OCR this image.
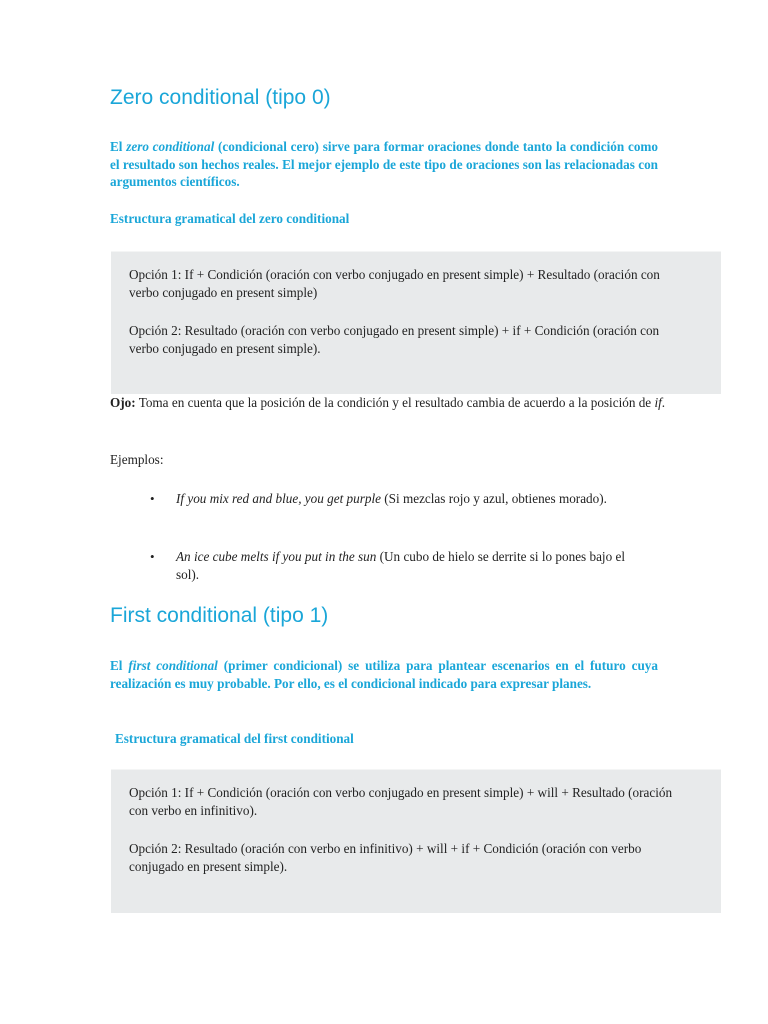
Zero conditional (tipo 0)

El zero conditional (condicional cero) sirve para formar oraciones donde tanto la condición como el resultado son hechos reales. El mejor ejemplo de este tipo de oraciones son las relacionadas con argumentos científicos.

Estructura gramatical del zero conditional

Opción 1: If + Condición (oración con verbo conjugado en present simple) + Resultado (oración con verbo conjugado en present simple)

Opción 2: Resultado (oración con verbo conjugado en present simple) + if + Condición (oración con verbo conjugado en present simple).

Ojo: Toma en cuenta que la posición de la condición y el resultado cambia de acuerdo a la posición de if.

Ejemplos:

• If you mix red and blue, you get purple (Si mezclas rojo y azul, obtienes morado).
• An ice cube melts if you put in the sun (Un cubo de hielo se derrite si lo pones bajo el sol).
First conditional (tipo 1)

El first conditional (primer condicional) se utiliza para plantear escenarios en el futuro cuya realización es muy probable. Por ello, es el condicional indicado para expresar planes.

Estructura gramatical del first conditional

Opción 1: If + Condición (oración con verbo conjugado en present simple) + will + Resultado (oración con verbo en infinitivo).

Opción 2: Resultado (oración con verbo en infinitivo) + will + if + Condición (oración con verbo conjugado en present simple).
